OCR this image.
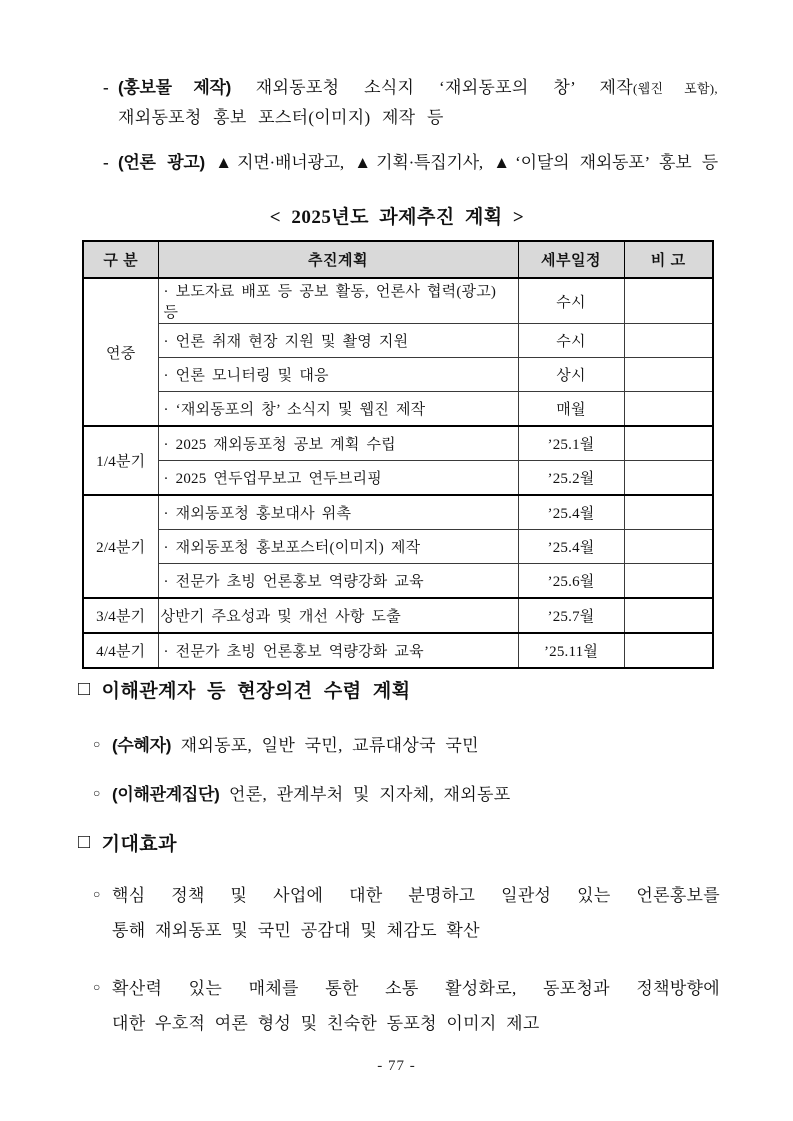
- (홍보물 제작) 재외동포청 소식지 ‘재외동포의 창’ 제작(웹진 포함),
재외동포청 홍보 포스터(이미지) 제작 등
- (언론 광고) ▲지면·배너광고, ▲기획·특집기사, ▲‘이달의 재외동포’ 홍보 등
< 2025년도 과제추진 계획 >
구 분	추진계획	세부일정	비 고
연중	· 보도자료 배포 등 공보 활동, 언론사 협력(광고) 등	수시	
	· 언론 취재 현장 지원 및 촬영 지원	수시	
	· 언론 모니터링 및 대응	상시	
	· ‘재외동포의 창’ 소식지 및 웹진 제작	매월	
1/4분기	· 2025 재외동포청 공보 계획 수립	’25.1월	
	· 2025 연두업무보고 연두브리핑	’25.2월	
2/4분기	· 재외동포청 홍보대사 위촉	’25.4월	
	· 재외동포청 홍보포스터(이미지) 제작	’25.4월	
	· 전문가 초빙 언론홍보 역량강화 교육	’25.6월	
3/4분기	상반기 주요성과 및 개선 사항 도출	’25.7월	
4/4분기	· 전문가 초빙 언론홍보 역량강화 교육	’25.11월	
□ 이해관계자 등 현장의견 수렴 계획
○ (수혜자) 재외동포, 일반 국민, 교류대상국 국민
○ (이해관계집단) 언론, 관계부처 및 지자체, 재외동포
□ 기대효과
○ 핵심 정책 및 사업에 대한 분명하고 일관성 있는 언론홍보를
통해 재외동포 및 국민 공감대 및 체감도 확산
○ 확산력 있는 매체를 통한 소통 활성화로, 동포청과 정책방향에
대한 우호적 여론 형성 및 친숙한 동포청 이미지 제고
- 77 -
